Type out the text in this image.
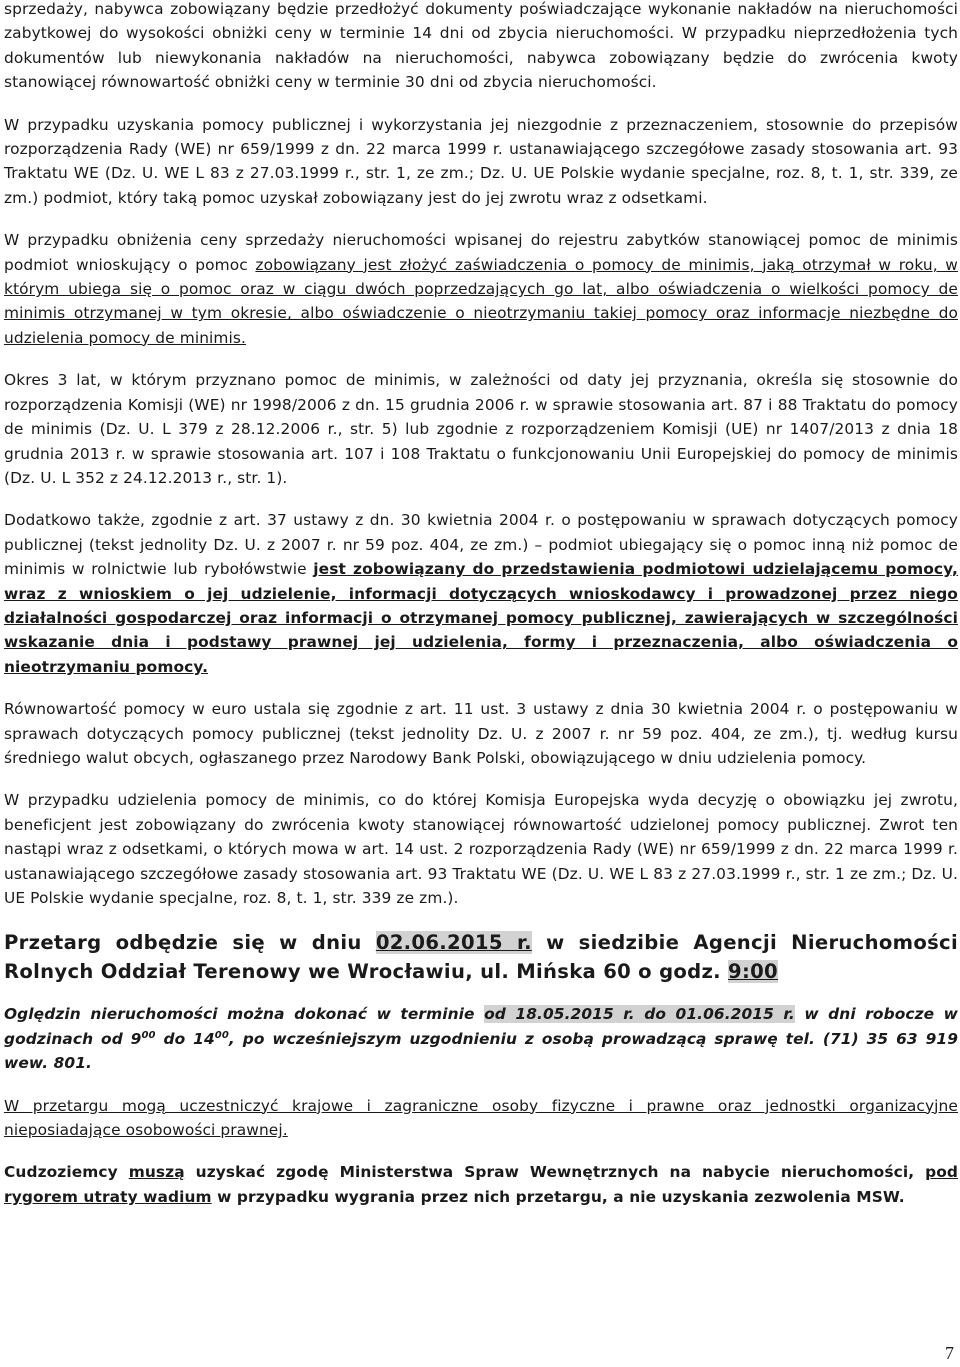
sprzedaży, nabywca zobowiązany będzie przedłożyć dokumenty poświadczające wykonanie nakładów na nieruchomości zabytkowej do wysokości obniżki ceny w terminie 14 dni od zbycia nieruchomości. W przypadku nieprzedłożenia tych dokumentów lub niewykonania nakładów na nieruchomości, nabywca zobowiązany będzie do zwrócenia kwoty stanowiącej równowartość obniżki ceny w terminie 30 dni od zbycia nieruchomości.

W przypadku uzyskania pomocy publicznej i wykorzystania jej niezgodnie z przeznaczeniem, stosownie do przepisów rozporządzenia Rady (WE) nr 659/1999 z dn. 22 marca 1999 r. ustanawiającego szczegółowe zasady stosowania art. 93 Traktatu WE (Dz. U. WE L 83 z 27.03.1999 r., str. 1, ze zm.; Dz. U. UE Polskie wydanie specjalne, roz. 8, t. 1, str. 339, ze zm.) podmiot, który taką pomoc uzyskał zobowiązany jest do jej zwrotu wraz z odsetkami.

W przypadku obniżenia ceny sprzedaży nieruchomości wpisanej do rejestru zabytków stanowiącej pomoc de minimis podmiot wnioskujący o pomoc zobowiązany jest złożyć zaświadczenia o pomocy de minimis, jaką otrzymał w roku, w którym ubiega się o pomoc oraz w ciągu dwóch poprzedzających go lat, albo oświadczenia o wielkości pomocy de minimis otrzymanej w tym okresie, albo oświadczenie o nieotrzymaniu takiej pomocy oraz informacje niezbędne do udzielenia pomocy de minimis.

Okres 3 lat, w którym przyznano pomoc de minimis, w zależności od daty jej przyznania, określa się stosownie do rozporządzenia Komisji (WE) nr 1998/2006 z dn. 15 grudnia 2006 r. w sprawie stosowania art. 87 i 88 Traktatu do pomocy de minimis (Dz. U. L 379 z 28.12.2006 r., str. 5) lub zgodnie z rozporządzeniem Komisji (UE) nr 1407/2013 z dnia 18 grudnia 2013 r. w sprawie stosowania art. 107 i 108 Traktatu o funkcjonowaniu Unii Europejskiej do pomocy de minimis (Dz. U. L 352 z 24.12.2013 r., str. 1).

Dodatkowo także, zgodnie z art. 37 ustawy z dn. 30 kwietnia 2004 r. o postępowaniu w sprawach dotyczących pomocy publicznej (tekst jednolity Dz. U. z 2007 r. nr 59 poz. 404, ze zm.) – podmiot ubiegający się o pomoc inną niż pomoc de minimis w rolnictwie lub rybołówstwie jest zobowiązany do przedstawienia podmiotowi udzielającemu pomocy, wraz z wnioskiem o jej udzielenie, informacji dotyczących wnioskodawcy i prowadzonej przez niego działalności gospodarczej oraz informacji o otrzymanej pomocy publicznej, zawierających w szczególności wskazanie dnia i podstawy prawnej jej udzielenia, formy i przeznaczenia, albo oświadczenia o nieotrzymaniu pomocy.

Równowartość pomocy w euro ustala się zgodnie z art. 11 ust. 3 ustawy z dnia 30 kwietnia 2004 r. o postępowaniu w sprawach dotyczących pomocy publicznej (tekst jednolity Dz. U. z 2007 r. nr 59 poz. 404, ze zm.), tj. według kursu średniego walut obcych, ogłaszanego przez Narodowy Bank Polski, obowiązującego w dniu udzielenia pomocy.

W przypadku udzielenia pomocy de minimis, co do której Komisja Europejska wyda decyzję o obowiązku jej zwrotu, beneficjent jest zobowiązany do zwrócenia kwoty stanowiącej równowartość udzielonej pomocy publicznej. Zwrot ten nastąpi wraz z odsetkami, o których mowa w art. 14 ust. 2 rozporządzenia Rady (WE) nr 659/1999 z dn. 22 marca 1999 r. ustanawiającego szczegółowe zasady stosowania art. 93 Traktatu WE (Dz. U. WE L 83 z 27.03.1999 r., str. 1 ze zm.; Dz. U. UE Polskie wydanie specjalne, roz. 8, t. 1, str. 339 ze zm.).

Przetarg odbędzie się w dniu 02.06.2015 r. w siedzibie Agencji Nieruchomości Rolnych Oddział Terenowy we Wrocławiu, ul. Mińska 60 o godz. 9:00

Oględzin nieruchomości można dokonać w terminie od 18.05.2015 r. do 01.06.2015 r. w dni robocze w godzinach od $9^{00}$ do $14^{00}$, po wcześniejszym uzgodnieniu z osobą prowadzącą sprawę tel. (71) 35 63 919 wew. 801.

W przetargu mogą uczestniczyć krajowe i zagraniczne osoby fizyczne i prawne oraz jednostki organizacyjne nieposiadające osobowości prawnej.

Cudzoziemcy muszą uzyskać zgodę Ministerstwa Spraw Wewnętrznych na nabycie nieruchomości, pod rygorem utraty wadium w przypadku wygrania przez nich przetargu, a nie uzyskania zezwolenia MSW.

7
